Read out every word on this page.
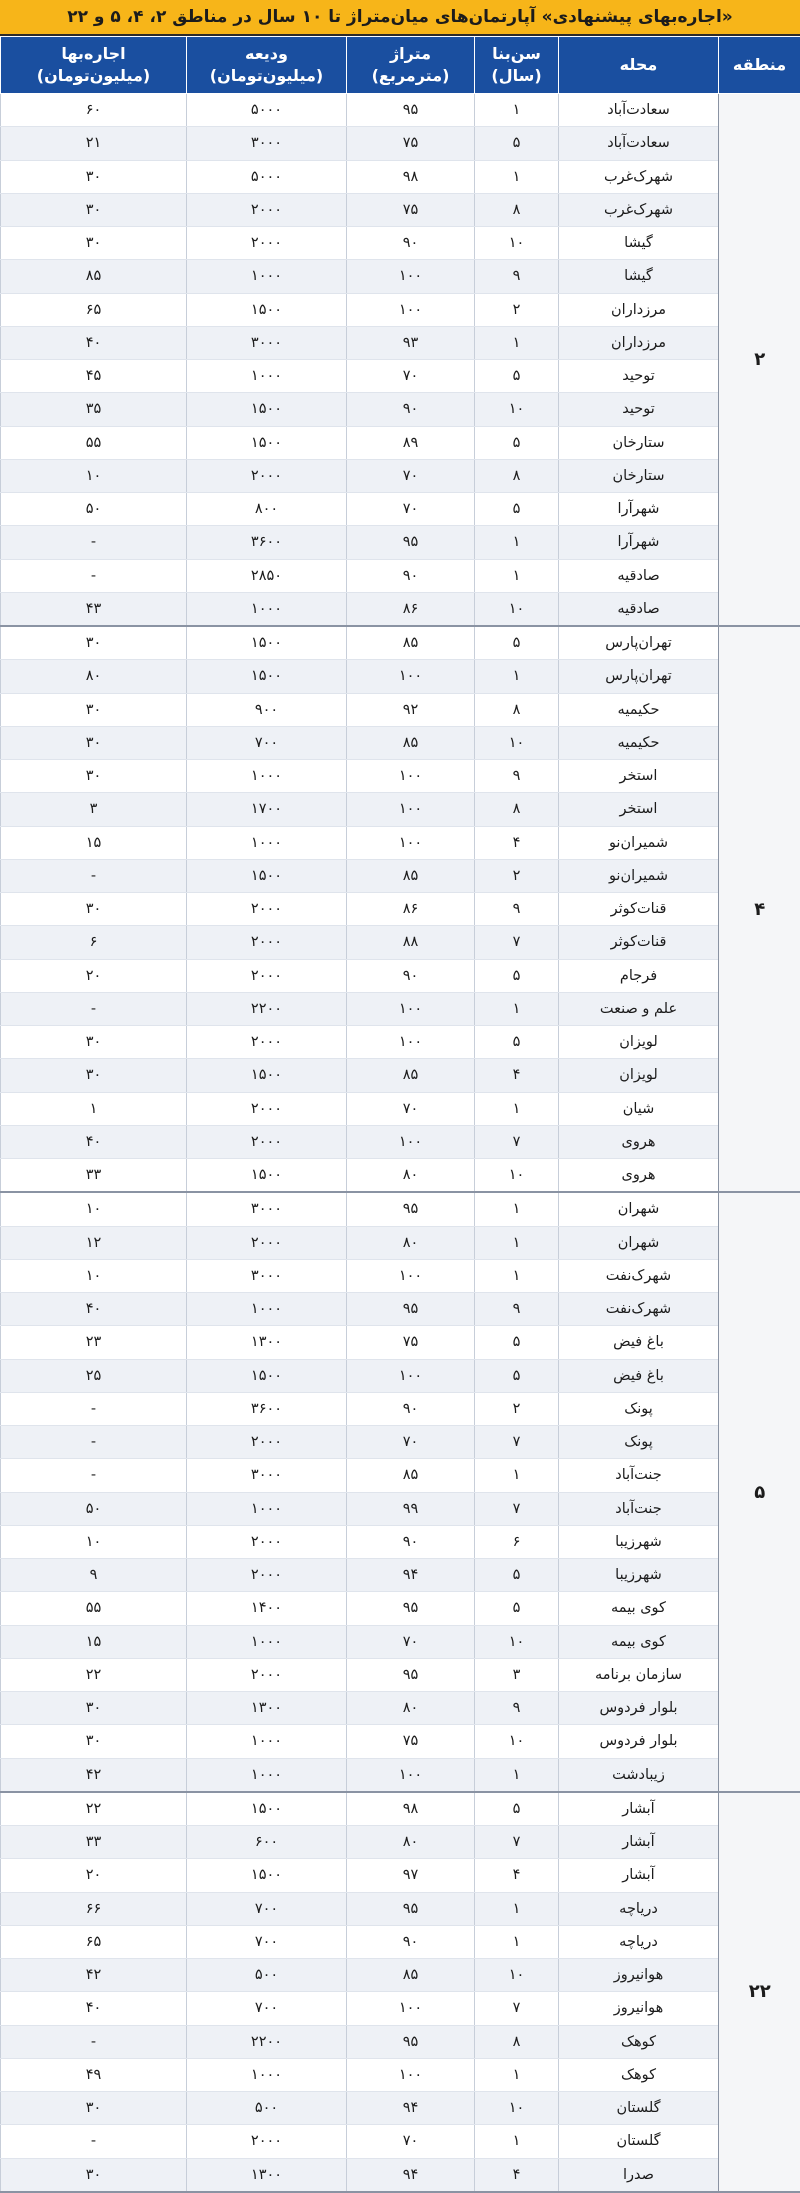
«اجاره‌بهای پیشنهادی» آپارتمان‌های میان‌متراژ تا ۱۰ سال در مناطق ۲، ۴، ۵ و ۲۲
منطقه	محله	سن‌بنا (سال)	متراژ (مترمربع)	ودیعه (میلیون‌تومان)	اجاره‌بها (میلیون‌تومان)
۲	سعادت‌آباد	۱	۹۵	۵۰۰۰	۶۰
	سعادت‌آباد	۵	۷۵	۳۰۰۰	۲۱
	شهرک‌غرب	۱	۹۸	۵۰۰۰	۳۰
	شهرک‌غرب	۸	۷۵	۲۰۰۰	۳۰
	گیشا	۱۰	۹۰	۲۰۰۰	۳۰
	گیشا	۹	۱۰۰	۱۰۰۰	۸۵
	مرزداران	۲	۱۰۰	۱۵۰۰	۶۵
	مرزداران	۱	۹۳	۳۰۰۰	۴۰
	توحید	۵	۷۰	۱۰۰۰	۴۵
	توحید	۱۰	۹۰	۱۵۰۰	۳۵
	ستارخان	۵	۸۹	۱۵۰۰	۵۵
	ستارخان	۸	۷۰	۲۰۰۰	۱۰
	شهرآرا	۵	۷۰	۸۰۰	۵۰
	شهرآرا	۱	۹۵	۳۶۰۰	-
	صادقیه	۱	۹۰	۲۸۵۰	-
	صادقیه	۱۰	۸۶	۱۰۰۰	۴۳
۴	تهران‌پارس	۵	۸۵	۱۵۰۰	۳۰
	تهران‌پارس	۱	۱۰۰	۱۵۰۰	۸۰
	حکیمیه	۸	۹۲	۹۰۰	۳۰
	حکیمیه	۱۰	۸۵	۷۰۰	۳۰
	استخر	۹	۱۰۰	۱۰۰۰	۳۰
	استخر	۸	۱۰۰	۱۷۰۰	۳
	شمیران‌نو	۴	۱۰۰	۱۰۰۰	۱۵
	شمیران‌نو	۲	۸۵	۱۵۰۰	-
	قنات‌کوثر	۹	۸۶	۲۰۰۰	۳۰
	قنات‌کوثر	۷	۸۸	۲۰۰۰	۶
	فرجام	۵	۹۰	۲۰۰۰	۲۰
	علم و صنعت	۱	۱۰۰	۲۲۰۰	-
	لویزان	۵	۱۰۰	۲۰۰۰	۳۰
	لویزان	۴	۸۵	۱۵۰۰	۳۰
	شیان	۱	۷۰	۲۰۰۰	۱
	هروی	۷	۱۰۰	۲۰۰۰	۴۰
	هروی	۱۰	۸۰	۱۵۰۰	۳۳
۵	شهران	۱	۹۵	۳۰۰۰	۱۰
	شهران	۱	۸۰	۲۰۰۰	۱۲
	شهرک‌نفت	۱	۱۰۰	۳۰۰۰	۱۰
	شهرک‌نفت	۹	۹۵	۱۰۰۰	۴۰
	باغ فیض	۵	۷۵	۱۳۰۰	۲۳
	باغ فیض	۵	۱۰۰	۱۵۰۰	۲۵
	پونک	۲	۹۰	۳۶۰۰	-
	پونک	۷	۷۰	۲۰۰۰	-
	جنت‌آباد	۱	۸۵	۳۰۰۰	-
	جنت‌آباد	۷	۹۹	۱۰۰۰	۵۰
	شهرزیبا	۶	۹۰	۲۰۰۰	۱۰
	شهرزیبا	۵	۹۴	۲۰۰۰	۹
	کوی بیمه	۵	۹۵	۱۴۰۰	۵۵
	کوی بیمه	۱۰	۷۰	۱۰۰۰	۱۵
	سازمان برنامه	۳	۹۵	۲۰۰۰	۲۲
	بلوار فردوس	۹	۸۰	۱۳۰۰	۳۰
	بلوار فردوس	۱۰	۷۵	۱۰۰۰	۳۰
	زیبادشت	۱	۱۰۰	۱۰۰۰	۴۲
۲۲	آبشار	۵	۹۸	۱۵۰۰	۲۲
	آبشار	۷	۸۰	۶۰۰	۳۳
	آبشار	۴	۹۷	۱۵۰۰	۲۰
	دریاچه	۱	۹۵	۷۰۰	۶۶
	دریاچه	۱	۹۰	۷۰۰	۶۵
	هوانیروز	۱۰	۸۵	۵۰۰	۴۲
	هوانیروز	۷	۱۰۰	۷۰۰	۴۰
	کوهک	۸	۹۵	۲۲۰۰	-
	کوهک	۱	۱۰۰	۱۰۰۰	۴۹
	گلستان	۱۰	۹۴	۵۰۰	۳۰
	گلستان	۱	۷۰	۲۰۰۰	-
	صدرا	۴	۹۴	۱۳۰۰	۳۰
